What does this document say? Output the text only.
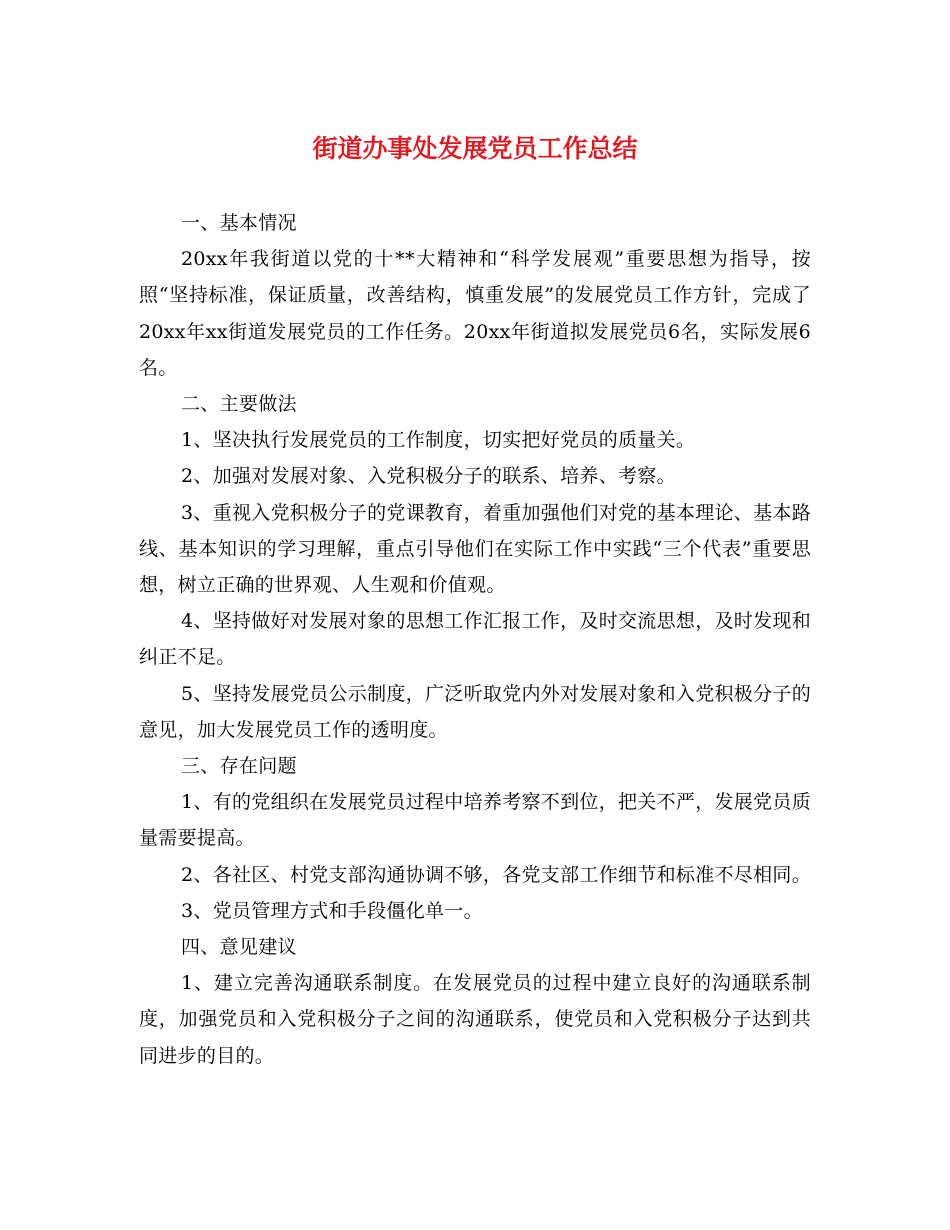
街道办事处发展党员工作总结

一、基本情况

20xx年我街道以党的十**大精神和“科学发展观”重要思想为指导，按照“坚持标准，保证质量，改善结构，慎重发展”的发展党员工作方针，完成了20xx年xx街道发展党员的工作任务。20xx年街道拟发展党员6名，实际发展6名。

二、主要做法

1、坚决执行发展党员的工作制度，切实把好党员的质量关。

2、加强对发展对象、入党积极分子的联系、培养、考察。

3、重视入党积极分子的党课教育，着重加强他们对党的基本理论、基本路线、基本知识的学习理解，重点引导他们在实际工作中实践“三个代表”重要思想，树立正确的世界观、人生观和价值观。

4、坚持做好对发展对象的思想工作汇报工作，及时交流思想，及时发现和纠正不足。

5、坚持发展党员公示制度，广泛听取党内外对发展对象和入党积极分子的意见，加大发展党员工作的透明度。

三、存在问题

1、有的党组织在发展党员过程中培养考察不到位，把关不严，发展党员质量需要提高。

2、各社区、村党支部沟通协调不够，各党支部工作细节和标准不尽相同。

3、党员管理方式和手段僵化单一。

四、意见建议

1、建立完善沟通联系制度。在发展党员的过程中建立良好的沟通联系制度，加强党员和入党积极分子之间的沟通联系，使党员和入党积极分子达到共同进步的目的。
